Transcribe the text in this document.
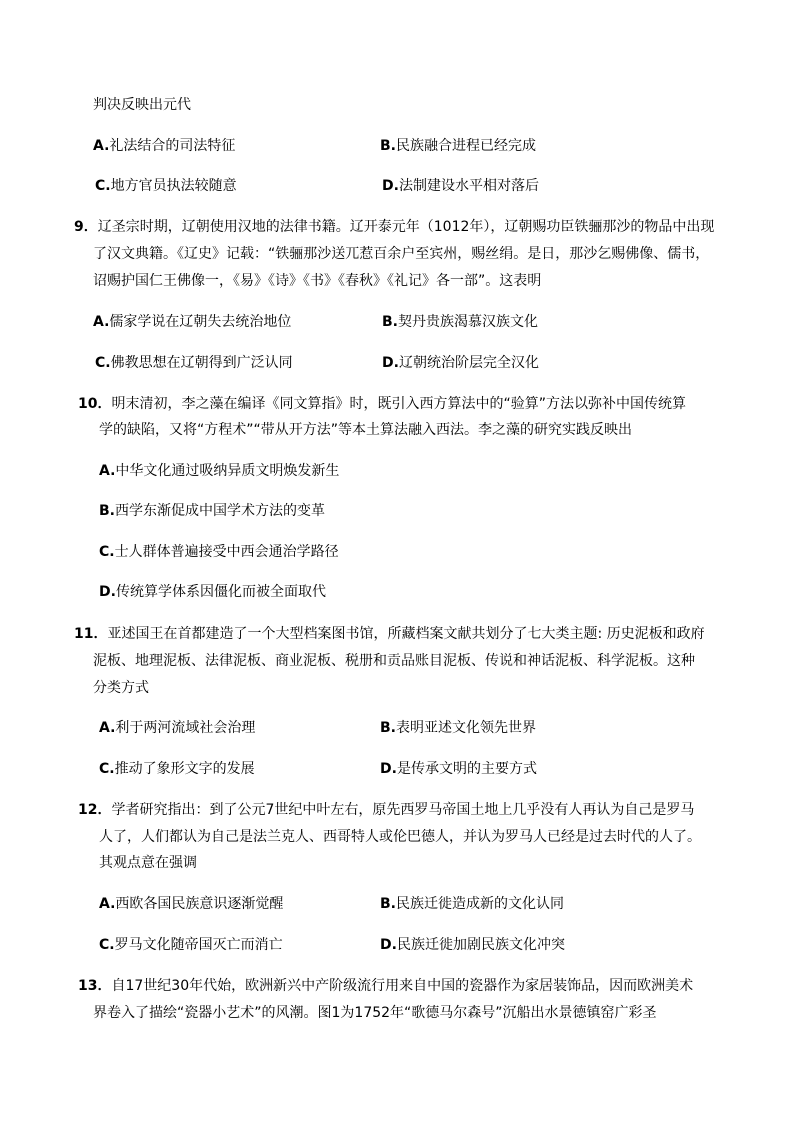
判决反映出元代
A.礼法结合的司法特征	B.民族融合进程已经完成
C.地方官员执法较随意	D.法制建设水平相对落后
9．辽圣宗时期，辽朝使用汉地的法律书籍。辽开泰元年（1012年），辽朝赐功臣铁骊那沙的物品中出现
了汉文典籍。《辽史》记载：“铁骊那沙送兀惹百余户至宾州，赐丝绢。是日，那沙乞赐佛像、儒书，
诏赐护国仁王佛像一，《易》《诗》《书》《春秋》《礼记》各一部”。这表明
A.儒家学说在辽朝失去统治地位	B.契丹贵族渴慕汉族文化
C.佛教思想在辽朝得到广泛认同	D.辽朝统治阶层完全汉化
10．明末清初，李之藻在编译《同文算指》时，既引入西方算法中的“验算”方法以弥补中国传统算
学的缺陷，又将“方程术”“带从开方法”等本土算法融入西法。李之藻的研究实践反映出
A.中华文化通过吸纳异质文明焕发新生
B.西学东渐促成中国学术方法的变革
C.士人群体普遍接受中西会通治学路径
D.传统算学体系因僵化而被全面取代
11．亚述国王在首都建造了一个大型档案图书馆，所藏档案文献共划分了七大类主题: 历史泥板和政府
泥板、地理泥板、法律泥板、商业泥板、税册和贡品账目泥板、传说和神话泥板、科学泥板。这种
分类方式
A.利于两河流域社会治理	B.表明亚述文化领先世界
C.推动了象形文字的发展	D.是传承文明的主要方式
12．学者研究指出：到了公元7世纪中叶左右，原先西罗马帝国土地上几乎没有人再认为自己是罗马
人了，人们都认为自己是法兰克人、西哥特人或伦巴德人，并认为罗马人已经是过去时代的人了。
其观点意在强调
A.西欧各国民族意识逐渐觉醒	B.民族迁徙造成新的文化认同
C.罗马文化随帝国灭亡而消亡	D.民族迁徙加剧民族文化冲突
13．自17世纪30年代始，欧洲新兴中产阶级流行用来自中国的瓷器作为家居装饰品，因而欧洲美术
界卷入了描绘“瓷器小艺术”的风潮。图1为1752年“歌德马尔森号”沉船出水景德镇窑广彩圣
